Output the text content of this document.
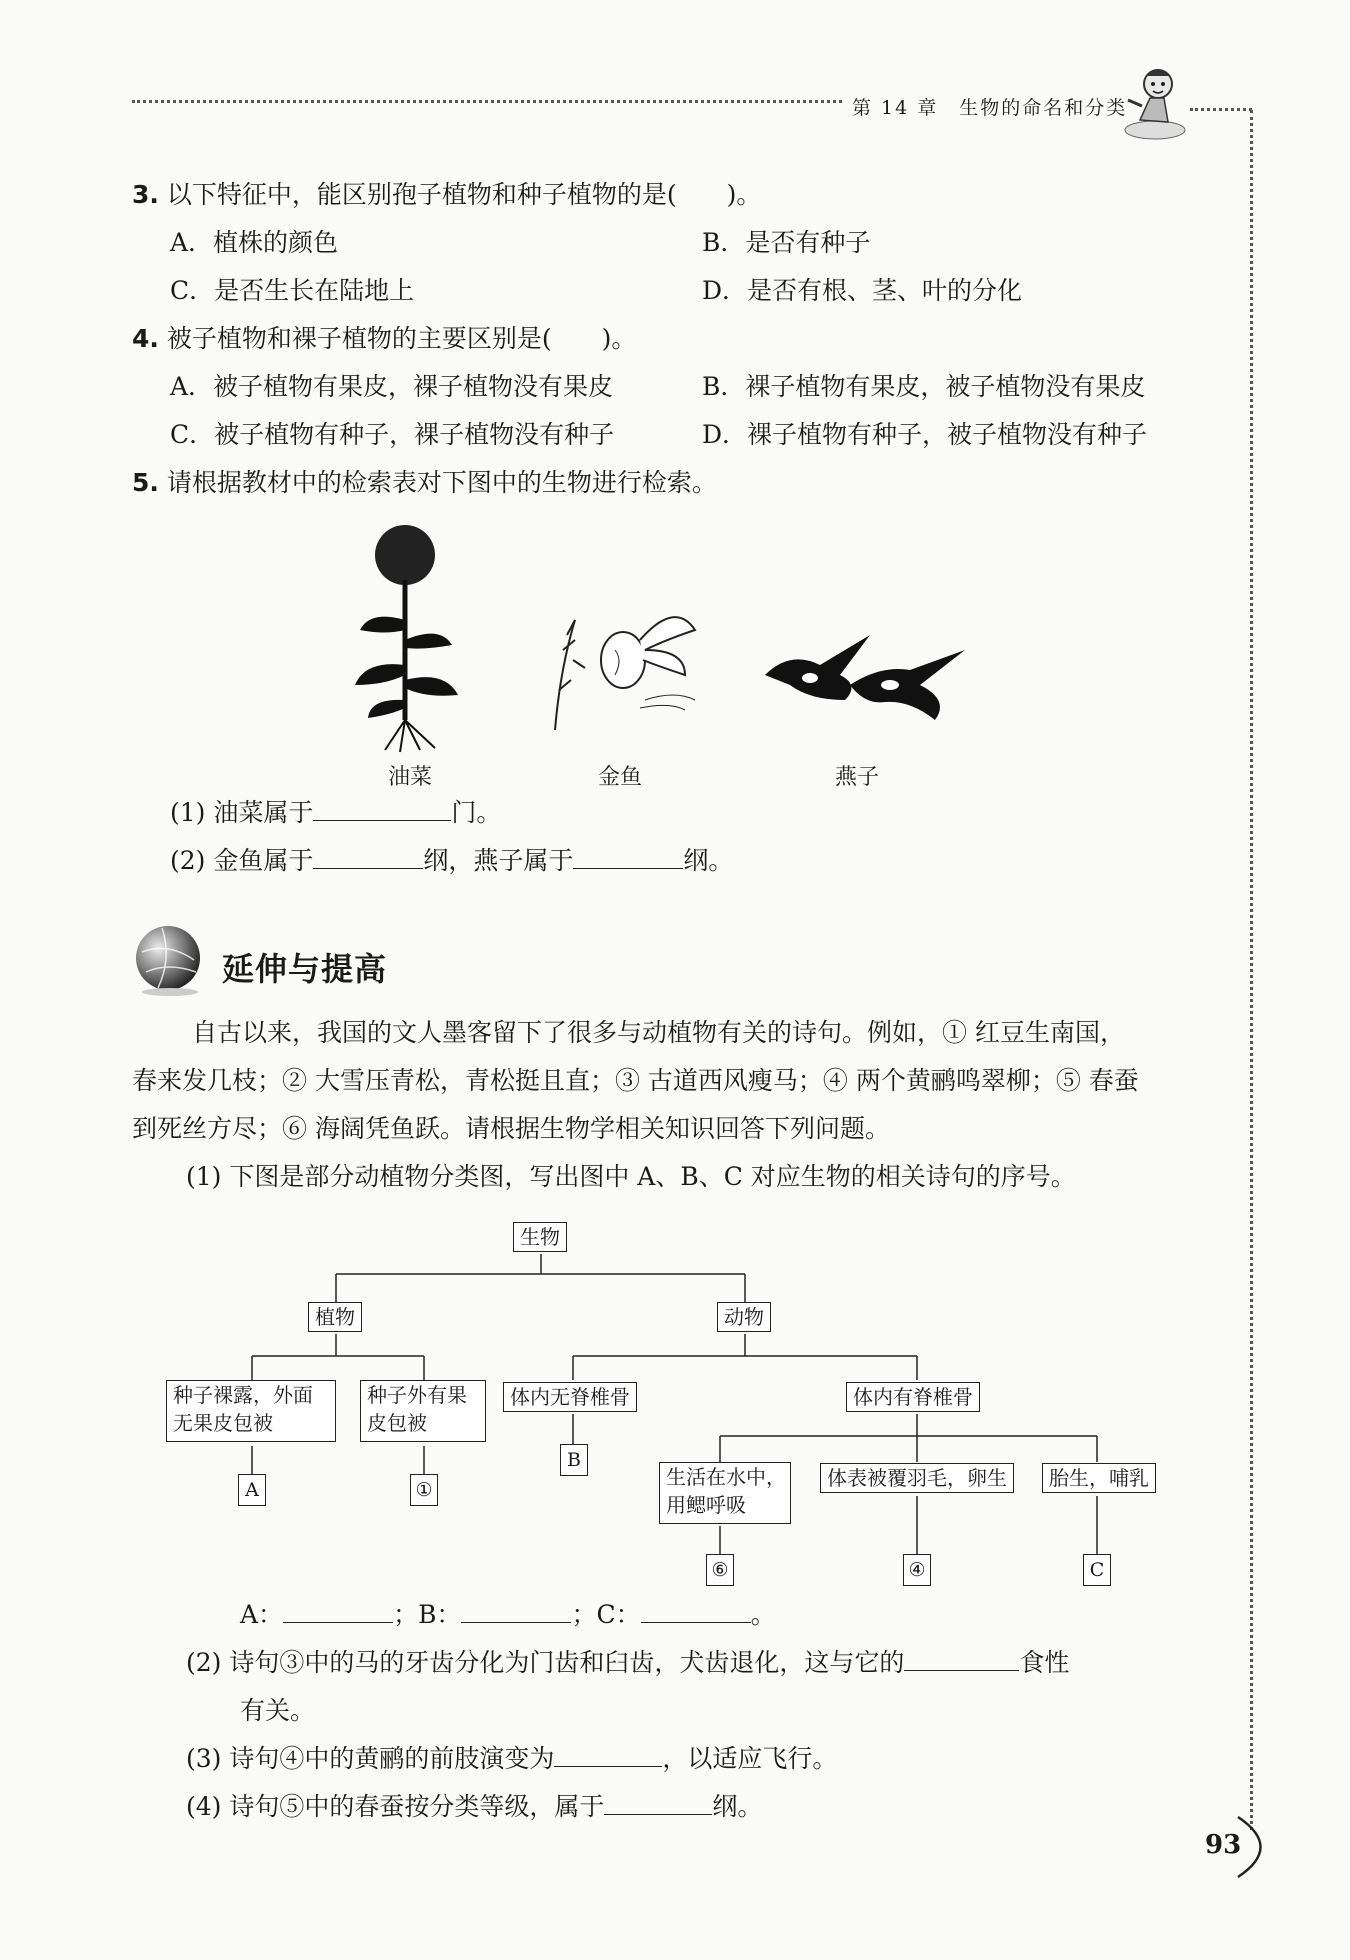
第 14 章　生物的命名和分类
3. 以下特征中，能区别孢子植物和种子植物的是(　　)。
A．植株的颜色	B．是否有种子
C．是否生长在陆地上	D．是否有根、茎、叶的分化
4. 被子植物和裸子植物的主要区别是(　　)。
A．被子植物有果皮，裸子植物没有果皮	B．裸子植物有果皮，被子植物没有果皮
C．被子植物有种子，裸子植物没有种子	D．裸子植物有种子，被子植物没有种子
5. 请根据教材中的检索表对下图中的生物进行检索。
油菜	金鱼	燕子
(1) 油菜属于	门。
(2) 金鱼属于	纲，燕子属于	纲。
延伸与提高
自古以来，我国的文人墨客留下了很多与动植物有关的诗句。例如，① 红豆生南国，
春来发几枝；② 大雪压青松，青松挺且直；③ 古道西风瘦马；④ 两个黄鹂鸣翠柳；⑤ 春蚕
到死丝方尽；⑥ 海阔凭鱼跃。请根据生物学相关知识回答下列问题。
(1) 下图是部分动植物分类图，写出图中 A、B、C 对应生物的相关诗句的序号。
生物
植物	动物
种子裸露，外面
无果皮包被
种子外有果
皮包被
体内无脊椎骨	体内有脊椎骨
生活在水中，
用鳃呼吸
体表被覆羽毛，卵生	胎生，哺乳
A	①
B
⑥	④	C
A：	；B：	；C：	。
(2) 诗句③中的马的牙齿分化为门齿和臼齿，犬齿退化，这与它的	食性
有关。
(3) 诗句④中的黄鹂的前肢演变为	，以适应飞行。
(4) 诗句⑤中的春蚕按分类等级，属于	纲。
93
